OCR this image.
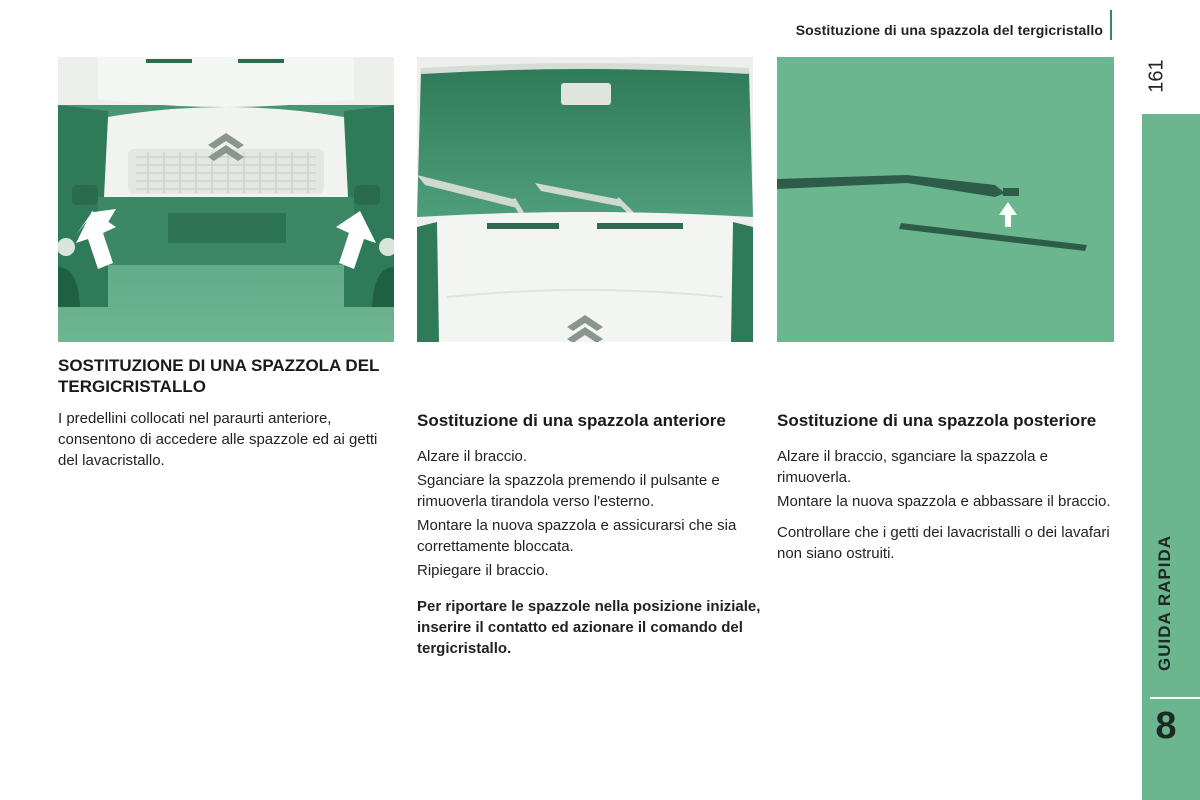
Sostituzione di una spazzola del tergicristallo
161
GUIDA RAPIDA
8
SOSTITUZIONE DI UNA SPAZZOLA DEL TERGICRISTALLO

I predellini collocati nel paraurti anteriore, consentono di accedere alle spazzole ed ai getti del lavacristallo.

Sostituzione di una spazzola anteriore

Alzare il braccio.

Sganciare la spazzola premendo il pulsante e rimuoverla tirandola verso l'esterno.

Montare la nuova spazzola e assicurarsi che sia correttamente bloccata.

Ripiegare il braccio.

Per riportare le spazzole nella posizione iniziale, inserire il contatto ed azionare il comando del tergicristallo.

Sostituzione di una spazzola posteriore

Alzare il braccio, sganciare la spazzola e rimuoverla.

Montare la nuova spazzola e abbassare il braccio.

Controllare che i getti dei lavacristalli o dei lavafari non siano ostruiti.
